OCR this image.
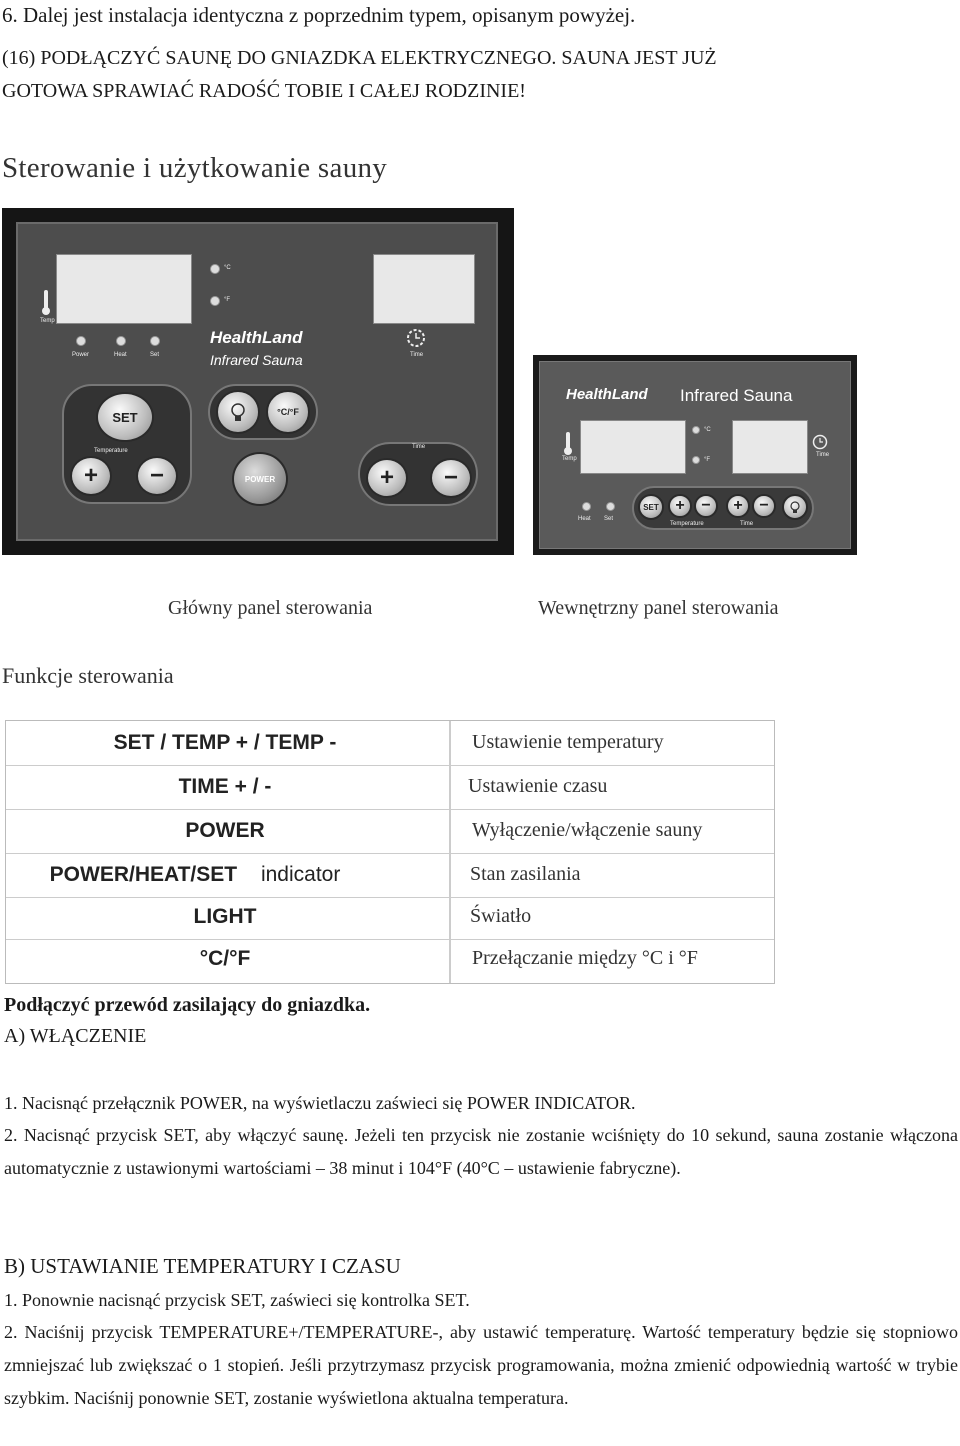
6. Dalej jest instalacja identyczna z poprzednim typem, opisanym powyżej.
(16) PODŁĄCZYĆ SAUNĘ DO GNIAZDKA ELEKTRYCZNEGO. SAUNA JEST JUŻ
GOTOWA SPRAWIAĆ RADOŚĆ TOBIE I CAŁEJ RODZINIE!
Sterowanie i użytkowanie sauny
°C
°F
Temp
Time
Power	Heat	Set
HealthLand
Infrared Sauna
SET
Temperature
+	−
°C/°F
POWER
Time
+	−
HealthLand Infrared Sauna
Temp
°C
°F
Time
Heat Set
SET	+	−	+	−
Temperature	Time
Główny panel sterowania	Wewnętrzny panel sterowania
Funkcje sterowania
SET / TEMP + / TEMP -	Ustawienie temperatury
TIME + / -	Ustawienie czasu
POWER	Wyłączenie/włączenie sauny
POWER/HEAT/SET indicator	Stan zasilania
LIGHT	Światło
°C/°F	Przełączanie między °C i °F
Podłączyć przewód zasilający do gniazdka.
A) WŁĄCZENIE
1. Nacisnąć przełącznik POWER, na wyświetlaczu zaświeci się POWER INDICATOR.
2. Nacisnąć przycisk SET, aby włączyć saunę. Jeżeli ten przycisk nie zostanie wciśnięty do 10 sekund, sauna zostanie włączona automatycznie z ustawionymi wartościami – 38 minut i 104°F (40°C – ustawienie fabryczne).
B) USTAWIANIE TEMPERATURY I CZASU
1. Ponownie nacisnąć przycisk SET, zaświeci się kontrolka SET.
2. Naciśnij przycisk TEMPERATURE+/TEMPERATURE-, aby ustawić temperaturę. Wartość temperatury będzie się stopniowo zmniejszać lub zwiększać o 1 stopień. Jeśli przytrzymasz przycisk programowania, można zmienić odpowiednią wartość w trybie szybkim. Naciśnij ponownie SET, zostanie wyświetlona aktualna temperatura.
